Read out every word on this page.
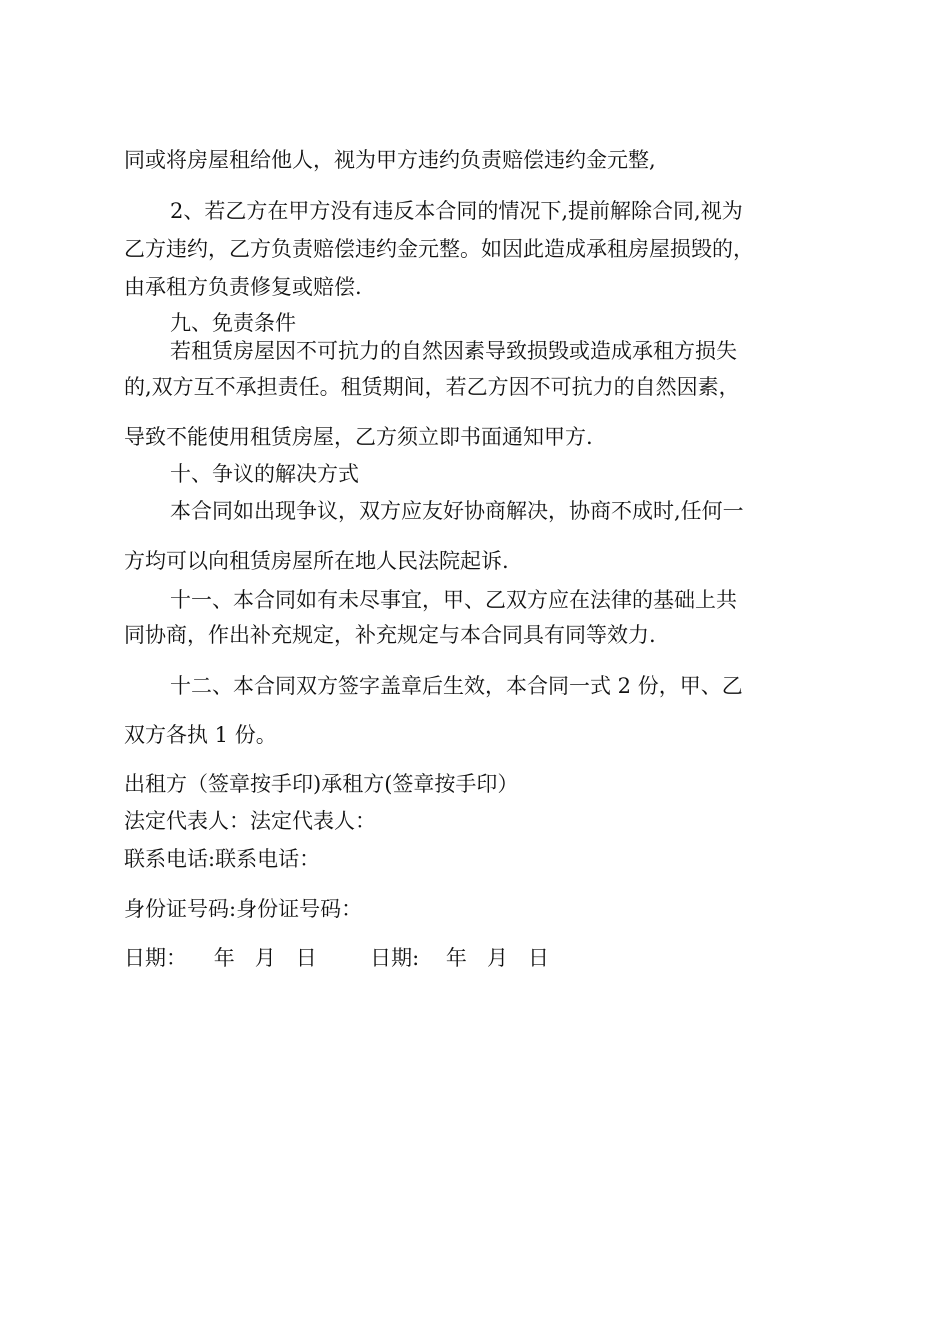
同或将房屋租给他人，视为甲方违约负责赔偿违约金元整,
2、若乙方在甲方没有违反本合同的情况下,提前解除合同,视为
乙方违约，乙方负责赔偿违约金元整。如因此造成承租房屋损毁的，
由承租方负责修复或赔偿.
九、免责条件
若租赁房屋因不可抗力的自然因素导致损毁或造成承租方损失
的,双方互不承担责任。租赁期间，若乙方因不可抗力的自然因素，
导致不能使用租赁房屋，乙方须立即书面通知甲方.
十、争议的解决方式
本合同如出现争议，双方应友好协商解决，协商不成时,任何一
方均可以向租赁房屋所在地人民法院起诉.
十一、本合同如有未尽事宜，甲、乙双方应在法律的基础上共
同协商，作出补充规定，补充规定与本合同具有同等效力.
十二、本合同双方签字盖章后生效，本合同一式 2 份，甲、乙
双方各执 1 份。
出租方（签章按手印)承租方(签章按手印）
法定代表人：法定代表人：
联系电话:联系电话：
身份证号码:身份证号码：
日期：    年   月   日        日期:    年   月   日
